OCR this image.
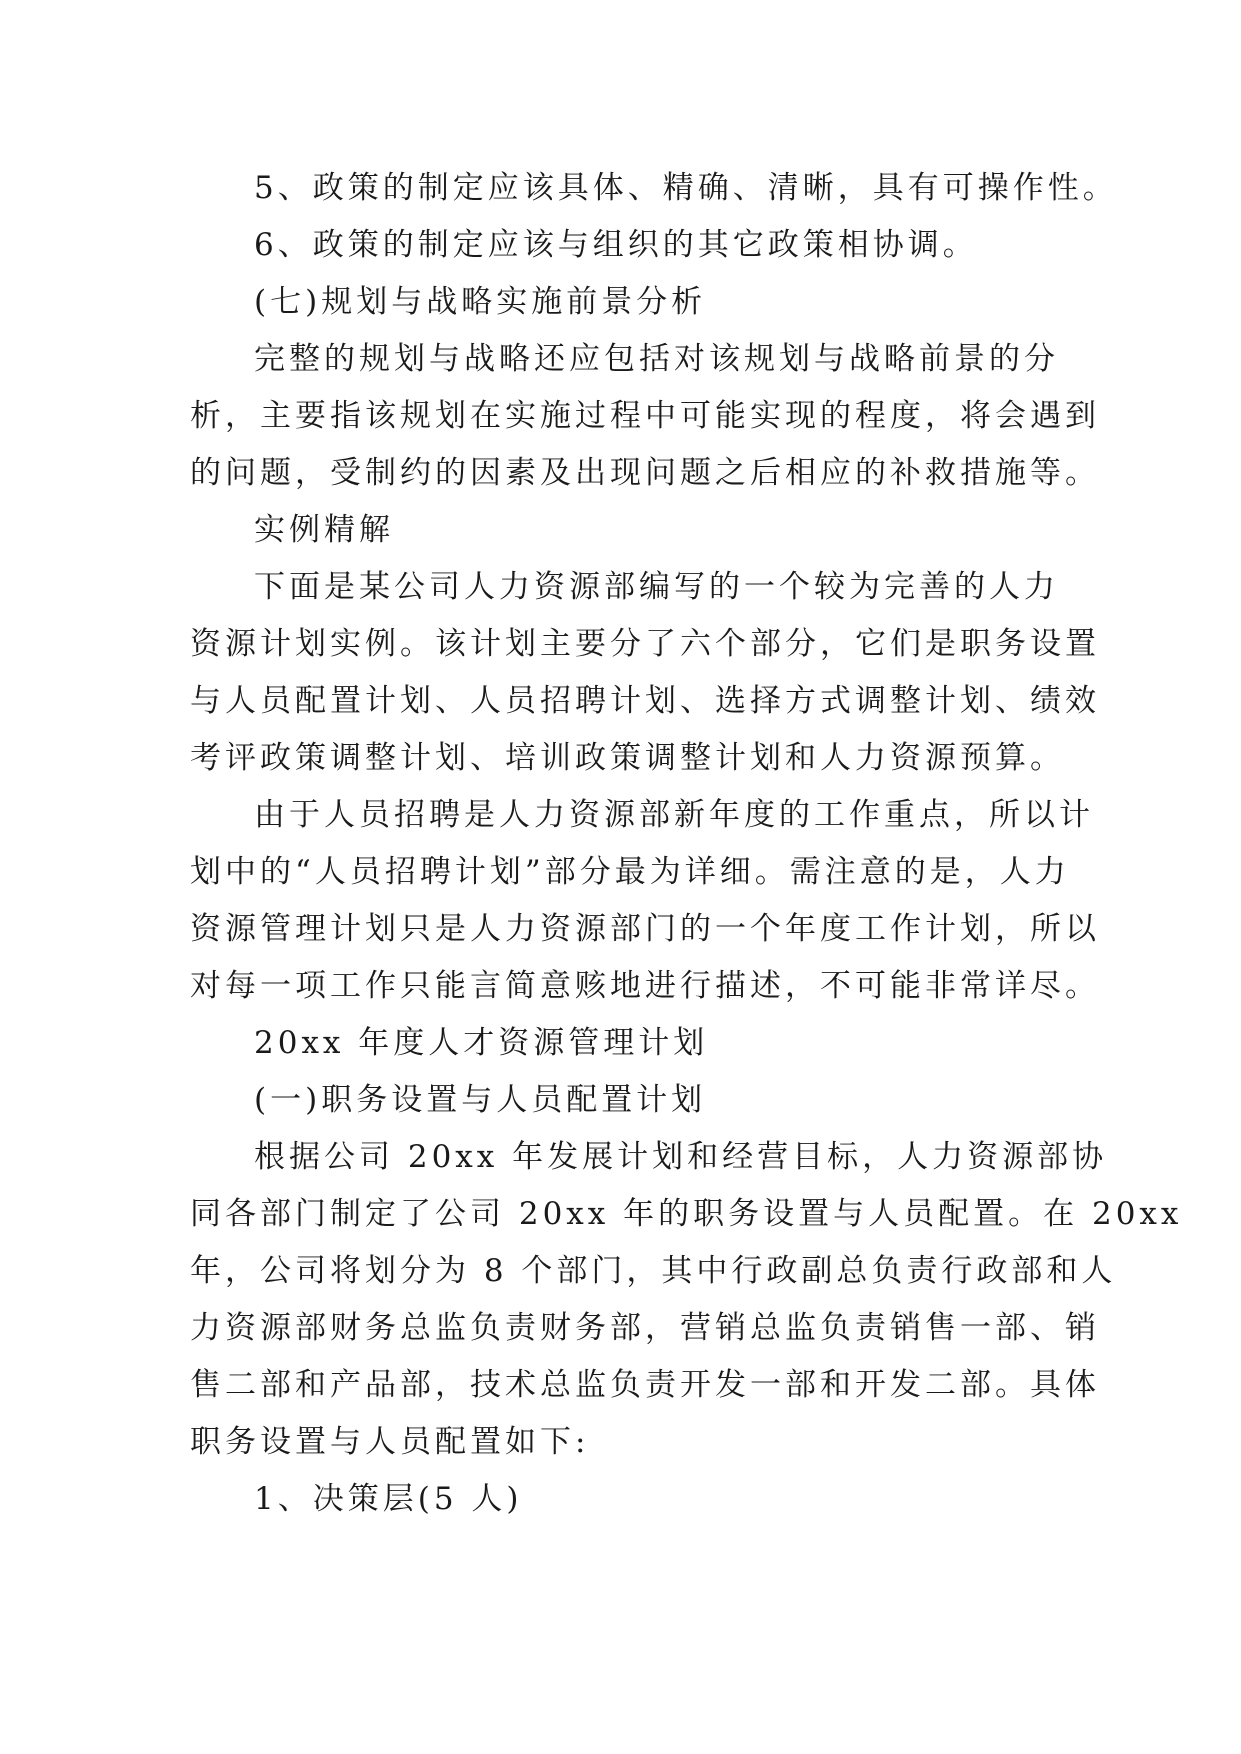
5、政策的制定应该具体、精确、清晰，具有可操作性。

6、政策的制定应该与组织的其它政策相协调。

(七)规划与战略实施前景分析

完整的规划与战略还应包括对该规划与战略前景的分

析，主要指该规划在实施过程中可能实现的程度，将会遇到

的问题，受制约的因素及出现问题之后相应的补救措施等。

实例精解

下面是某公司人力资源部编写的一个较为完善的人力

资源计划实例。该计划主要分了六个部分，它们是职务设置

与人员配置计划、人员招聘计划、选择方式调整计划、绩效

考评政策调整计划、培训政策调整计划和人力资源预算。

由于人员招聘是人力资源部新年度的工作重点，所以计

划中的“人员招聘计划”部分最为详细。需注意的是，人力

资源管理计划只是人力资源部门的一个年度工作计划，所以

对每一项工作只能言简意赅地进行描述，不可能非常详尽。

20xx 年度人才资源管理计划

(一)职务设置与人员配置计划

根据公司 20xx 年发展计划和经营目标，人力资源部协

同各部门制定了公司 20xx 年的职务设置与人员配置。在 20xx

年，公司将划分为 8 个部门，其中行政副总负责行政部和人

力资源部财务总监负责财务部，营销总监负责销售一部、销

售二部和产品部，技术总监负责开发一部和开发二部。具体

职务设置与人员配置如下:

1、决策层(5 人)
